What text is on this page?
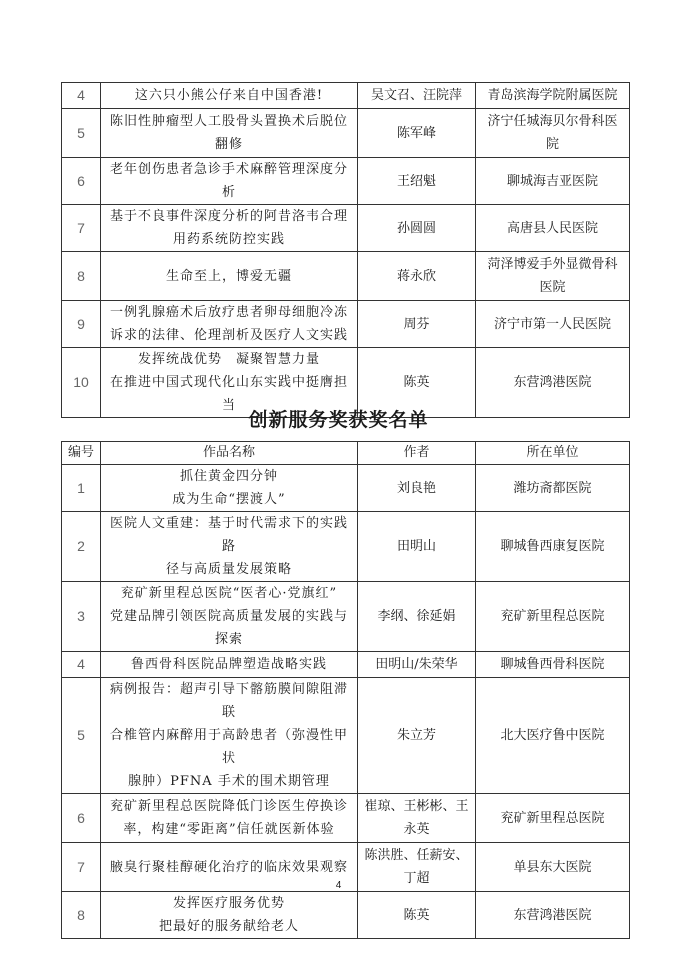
4	这六只小熊公仔来自中国香港!	吴文召、汪院萍	青岛滨海学院附属医院

5	陈旧性肿瘤型人工股骨头置换术后脱位
翻修	陈军峰	济宁任城海贝尔骨科医
院

6	老年创伤患者急诊手术麻醉管理深度分
析	王绍魁	聊城海吉亚医院

7	基于不良事件深度分析的阿昔洛韦合理
用药系统防控实践	孙圆圆	高唐县人民医院

8	生命至上，博爱无疆	蒋永欣	菏泽博爱手外显微骨科
医院

9	一例乳腺癌术后放疗患者卵母细胞冷冻
诉求的法律、伦理剖析及医疗人文实践	周芬	济宁市第一人民医院

10	发挥统战优势　凝聚智慧力量
在推进中国式现代化山东实践中挺膺担
当	陈英	东营鸿港医院
创新服务奖获奖名单
编号	作品名称	作者	所在单位
1	抓住黄金四分钟
成为生命“摆渡人”	刘良艳	潍坊斋都医院

2	医院人文重建：基于时代需求下的实践路
径与高质量发展策略	田明山	聊城鲁西康复医院

3	兖矿新里程总医院“医者心·党旗红”
党建品牌引领医院高质量发展的实践与
探索	李纲、徐延娟	兖矿新里程总医院

4	鲁西骨科医院品牌塑造战略实践	田明山/朱荣华	聊城鲁西骨科医院

5	病例报告：超声引导下髂筋膜间隙阻滞联
合椎管内麻醉用于高龄患者（弥漫性甲状
腺肿）PFNA 手术的围术期管理	朱立芳	北大医疗鲁中医院

6	兖矿新里程总医院降低门诊医生停换诊
率，构建“零距离”信任就医新体验	崔琼、王彬彬、王
永英	兖矿新里程总医院

7	腋臭行聚桂醇硬化治疗的临床效果观察	陈洪胜、任薪安、
丁超	单县东大医院

8	发挥医疗服务优势
把最好的服务献给老人	陈英	东营鸿港医院
4
